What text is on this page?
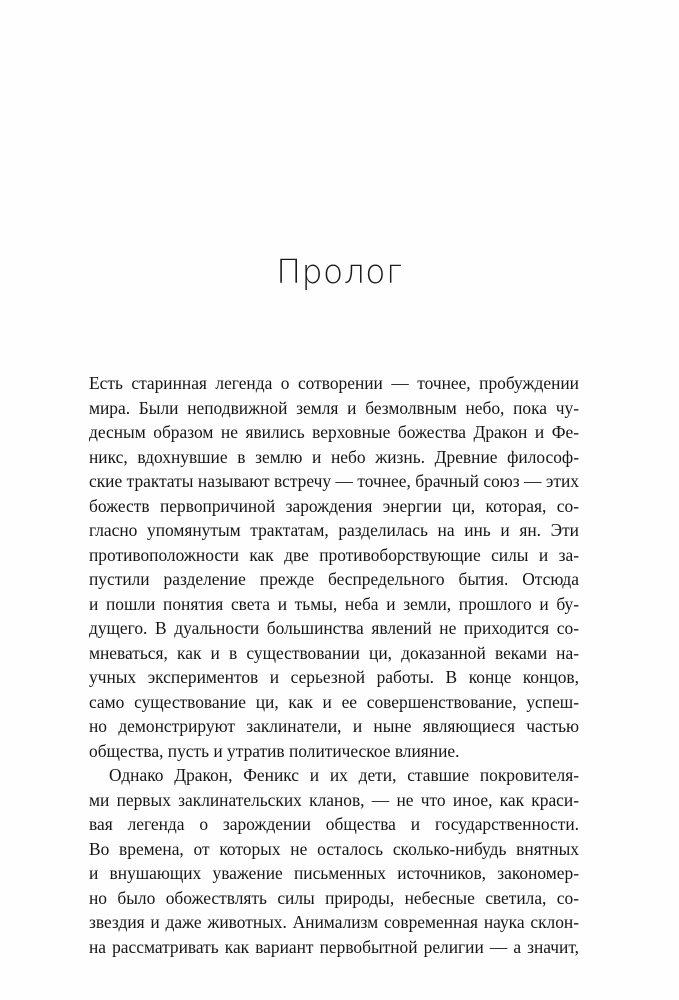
Пролог
Есть старинная легенда о сотворении — точнее, пробуждении
мира. Были неподвижной земля и безмолвным небо, пока чу-
десным образом не явились верховные божества Дракон и Фе-
никс, вдохнувшие в землю и небо жизнь. Древние философ-
ские трактаты называют встречу — точнее, брачный союз — этих
божеств первопричиной зарождения энергии ци, которая, со-
гласно упомянутым трактатам, разделилась на инь и ян. Эти
противоположности как две противоборствующие силы и за-
пустили разделение прежде беспредельного бытия. Отсюда
и пошли понятия света и тьмы, неба и земли, прошлого и бу-
дущего. В дуальности большинства явлений не приходится со-
мневаться, как и в существовании ци, доказанной веками на-
учных экспериментов и серьезной работы. В конце концов,
само существование ци, как и ее совершенствование, успеш-
но демонстрируют заклинатели, и ныне являющиеся частью
общества, пусть и утратив политическое влияние.
Однако Дракон, Феникс и их дети, ставшие покровителя-
ми первых заклинательских кланов, — не что иное, как краси-
вая легенда о зарождении общества и государственности.
Во времена, от которых не осталось сколько-нибудь внятных
и внушающих уважение письменных источников, закономер-
но было обожествлять силы природы, небесные светила, со-
звездия и даже животных. Анимализм современная наука склон-
на рассматривать как вариант первобытной религии — а значит,
